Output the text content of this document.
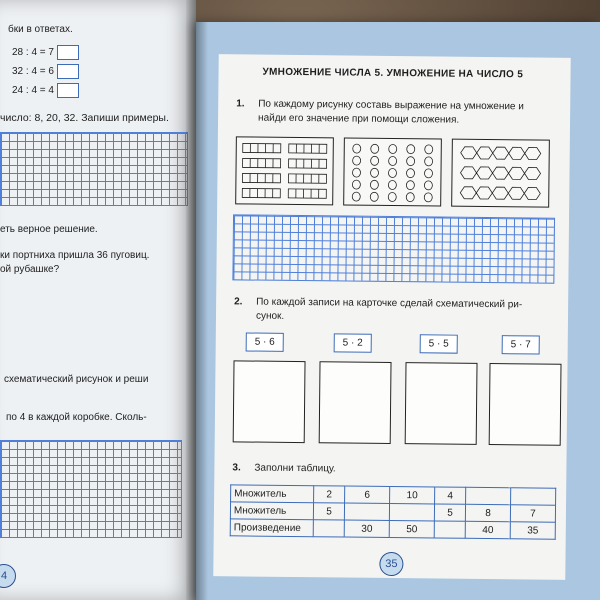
бки в ответах.
28 : 4 = 7
32 : 4 = 6
24 : 4 = 4
число: 8, 20, 32. Запиши примеры.
еть верное решение.
ки портниха пришла 36 пуговиц.
ой рубашке?
схематический рисунок и реши
по 4 в каждой коробке. Сколь-
4
УМНОЖЕНИЕ ЧИСЛА 5. УМНОЖЕНИЕ НА ЧИСЛО 5
1. По каждому рисунку составь выражение на умножение и
найди его значение при помощи сложения.
2. По каждой записи на карточке сделай схематический ри-
сунок.
5 · 6	5 · 2	5 · 5	5 · 7
3. Заполни таблицу.
Множитель	2	6	10	4		
Множитель	5			5	8	7
Произведение		30	50		40	35
35
